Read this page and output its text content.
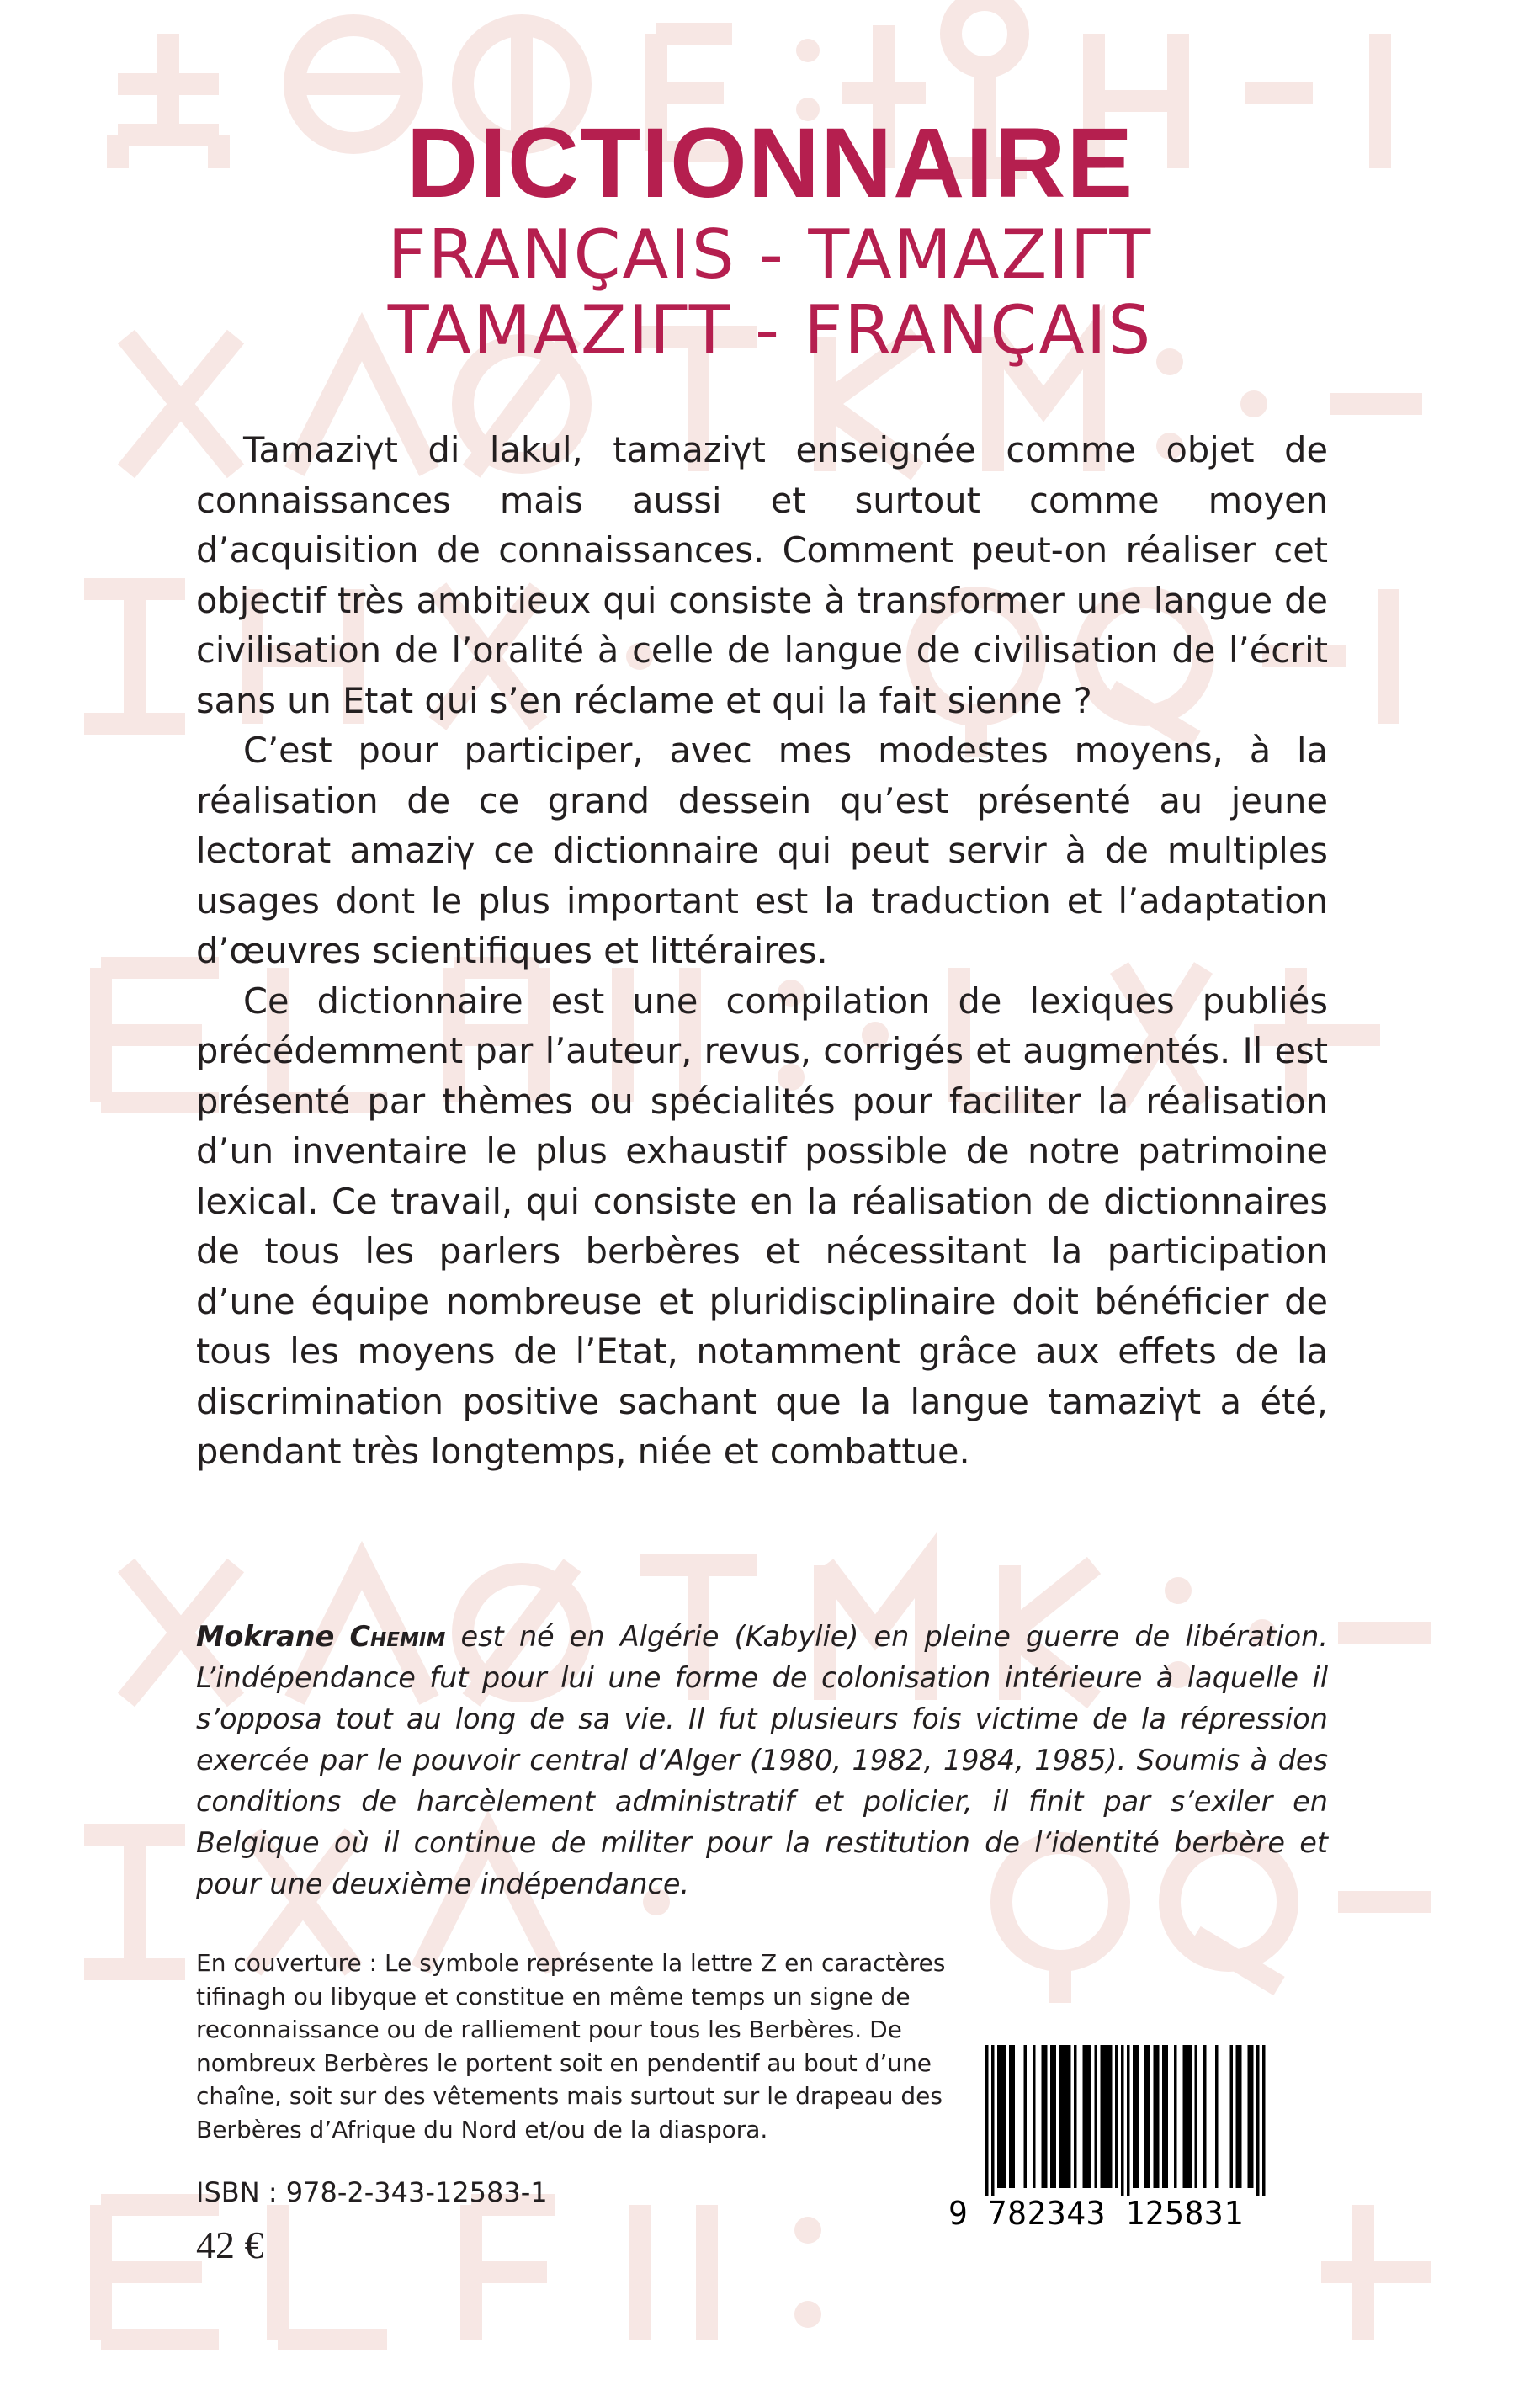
DICTIONNAIRE

FRANÇAIS - TAMAZIΓT

TAMAZIΓT - FRANÇAIS

Tamaziγt di lakul, tamaziγt enseignée comme objet de connaissances mais aussi et surtout comme moyen d’acquisition de connaissances. Comment peut-on réaliser cet objectif très ambitieux qui consiste à transformer une langue de civilisation de l’oralité à celle de langue de civilisation de l’écrit sans un Etat qui s’en réclame et qui la fait sienne ?

C’est pour participer, avec mes modestes moyens, à la réalisation de ce grand dessein qu’est présenté au jeune lectorat amaziγ ce dictionnaire qui peut servir à de multiples usages dont le plus important est la traduction et l’adaptation d’œuvres scientifiques et littéraires.

Ce dictionnaire est une compilation de lexiques publiés précédemment par l’auteur, revus, corrigés et augmentés. Il est présenté par thèmes ou spécialités pour faciliter la réalisation d’un inventaire le plus exhaustif possible de notre patrimoine lexical. Ce travail, qui consiste en la réalisation de dictionnaires de tous les parlers berbères et nécessitant la participation d’une équipe nombreuse et pluridisciplinaire doit bénéficier de tous les moyens de l’Etat, notamment grâce aux effets de la discrimination positive sachant que la langue tamaziγt a été, pendant très longtemps, niée et combattue.

Mokrane Chemim est né en Algérie (Kabylie) en pleine guerre de libération. L’indépendance fut pour lui une forme de colonisation intérieure à laquelle il s’opposa tout au long de sa vie. Il fut plusieurs fois victime de la répression exercée par le pouvoir central d’Alger (1980, 1982, 1984, 1985). Soumis à des conditions de harcèlement administratif et policier, il finit par s’exiler en Belgique où il continue de militer pour la restitution de l’identité berbère et pour une deuxième indépendance.

En couverture : Le symbole représente la lettre Z en caractères tifinagh ou libyque et constitue en même temps un signe de reconnaissance ou de ralliement pour tous les Berbères. De nombreux Berbères le portent soit en pendentif au bout d’une chaîne, soit sur des vêtements mais surtout sur le drapeau des Berbères d’Afrique du Nord et/ou de la diaspora.

ISBN : 978-2-343-12583-1
42 €
9 782343 125831
